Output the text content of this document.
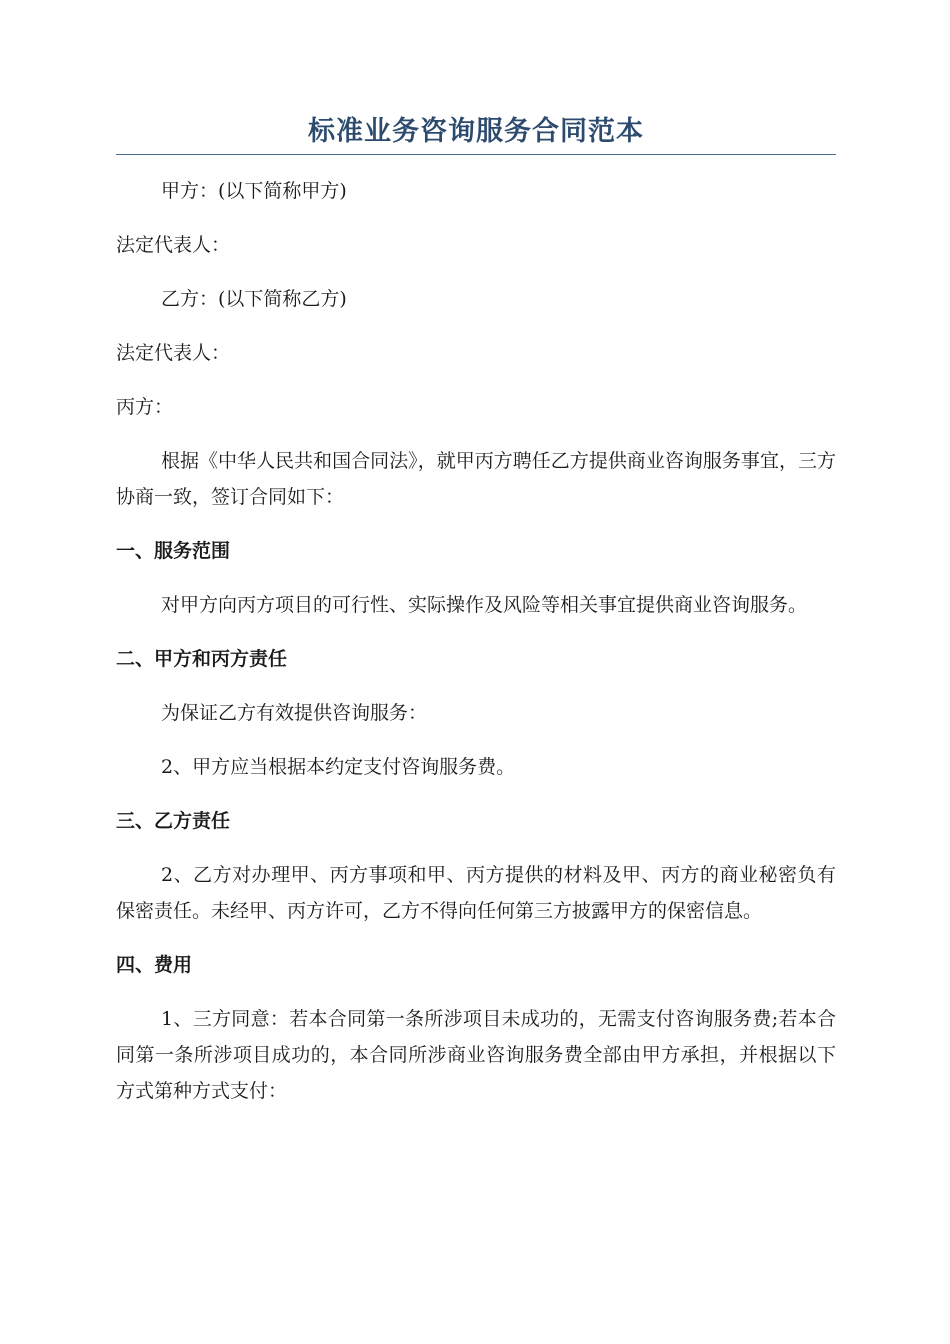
标准业务咨询服务合同范本

甲方：(以下简称甲方)

法定代表人：

乙方：(以下简称乙方)

法定代表人：

丙方：

根据《中华人民共和国合同法》，就甲丙方聘任乙方提供商业咨询服务事宜，三方协商一致，签订合同如下：

一、服务范围

对甲方向丙方项目的可行性、实际操作及风险等相关事宜提供商业咨询服务。

二、甲方和丙方责任

为保证乙方有效提供咨询服务：

2、甲方应当根据本约定支付咨询服务费。

三、乙方责任

2、乙方对办理甲、丙方事项和甲、丙方提供的材料及甲、丙方的商业秘密负有保密责任。未经甲、丙方许可，乙方不得向任何第三方披露甲方的保密信息。

四、费用

1、三方同意：若本合同第一条所涉项目未成功的，无需支付咨询服务费;若本合同第一条所涉项目成功的，本合同所涉商业咨询服务费全部由甲方承担，并根据以下方式第种方式支付：
